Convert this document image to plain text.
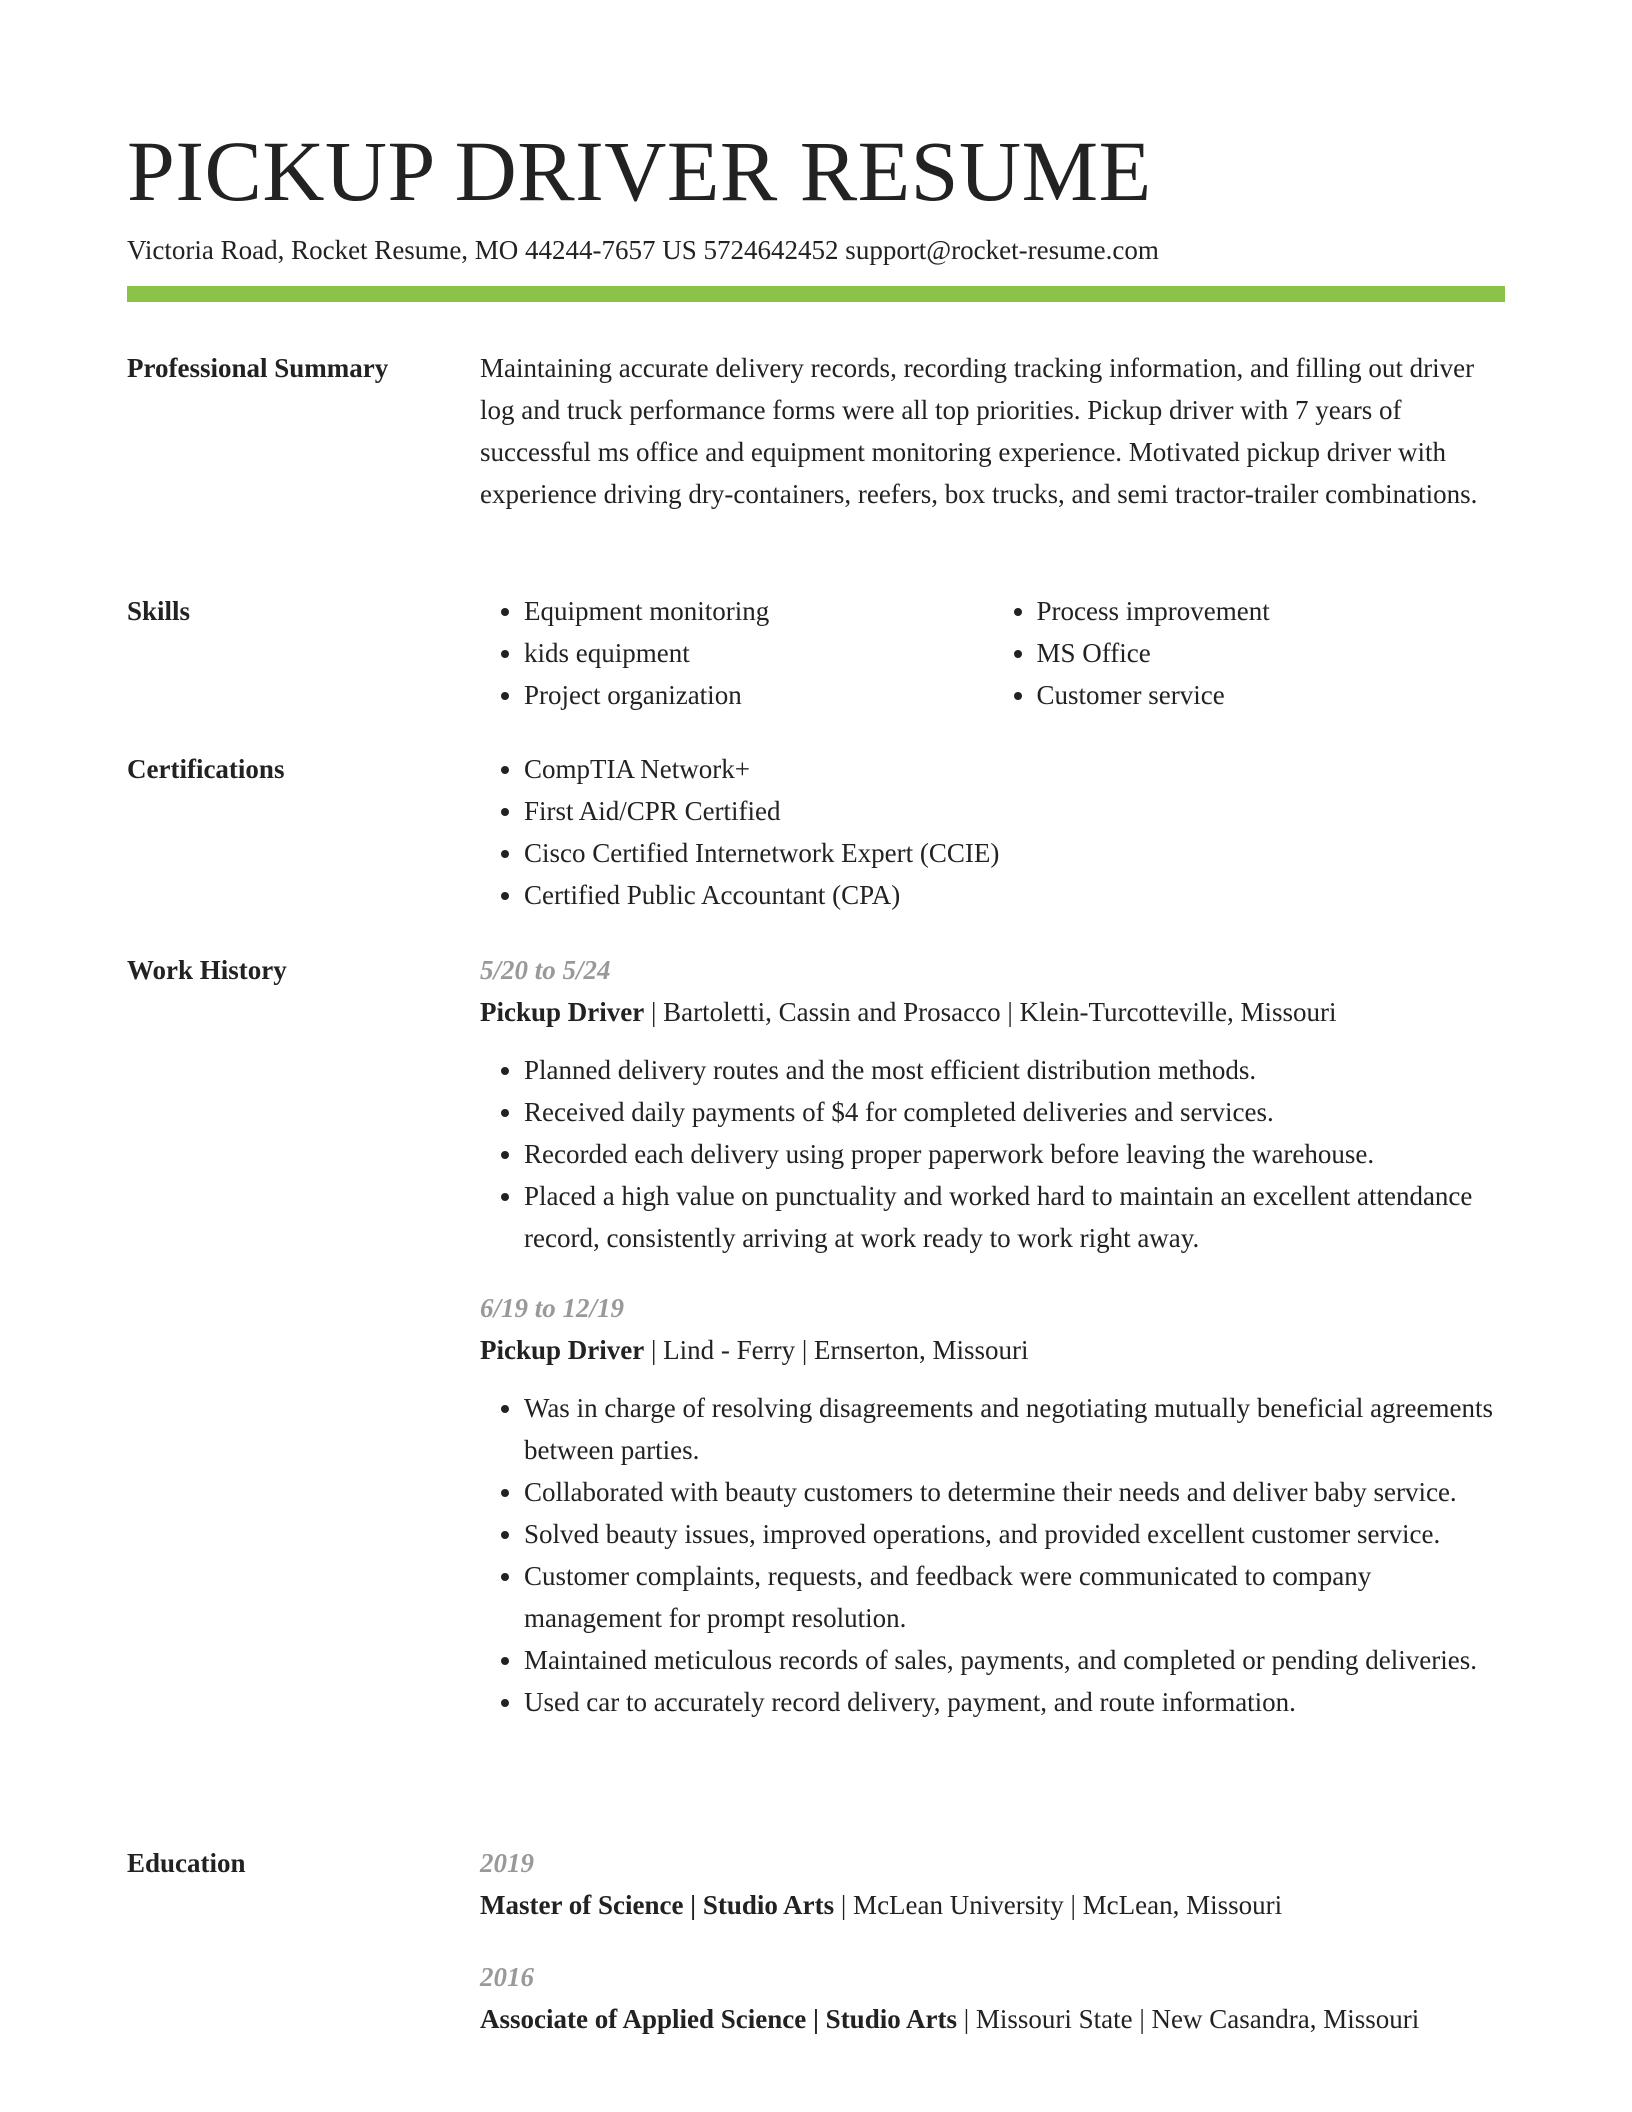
PICKUP DRIVER RESUME
Victoria Road, Rocket Resume, MO 44244-7657 US 5724642452 support@rocket-resume.com
Professional Summary	Maintaining accurate delivery records, recording tracking information, and filling out driver log and truck performance forms were all top priorities. Pickup driver with 7 years of successful ms office and equipment monitoring experience. Motivated pickup driver with experience driving dry-containers, reefers, box trucks, and semi tractor-trailer combinations.

Skills	• Equipment monitoring
• kids equipment
• Project organization
• Process improvement
• MS Office
• Customer service
Certifications	• CompTIA Network+
• First Aid/CPR Certified
• Cisco Certified Internetwork Expert (CCIE)
• Certified Public Accountant (CPA)
Work History	5/20 to 5/24
Pickup Driver | Bartoletti, Cassin and Prosacco | Klein-Turcotteville, Missouri
• Planned delivery routes and the most efficient distribution methods.
• Received daily payments of $4 for completed deliveries and services.
• Recorded each delivery using proper paperwork before leaving the warehouse.
• Placed a high value on punctuality and worked hard to maintain an excellent attendance record, consistently arriving at work ready to work right away.
6/19 to 12/19
Pickup Driver | Lind - Ferry | Ernserton, Missouri
• Was in charge of resolving disagreements and negotiating mutually beneficial agreements between parties.
• Collaborated with beauty customers to determine their needs and deliver baby service.
• Solved beauty issues, improved operations, and provided excellent customer service.
• Customer complaints, requests, and feedback were communicated to company management for prompt resolution.
• Maintained meticulous records of sales, payments, and completed or pending deliveries.
• Used car to accurately record delivery, payment, and route information.
Education	2019
Master of Science | Studio Arts | McLean University | McLean, Missouri
2016
Associate of Applied Science | Studio Arts | Missouri State | New Casandra, Missouri
